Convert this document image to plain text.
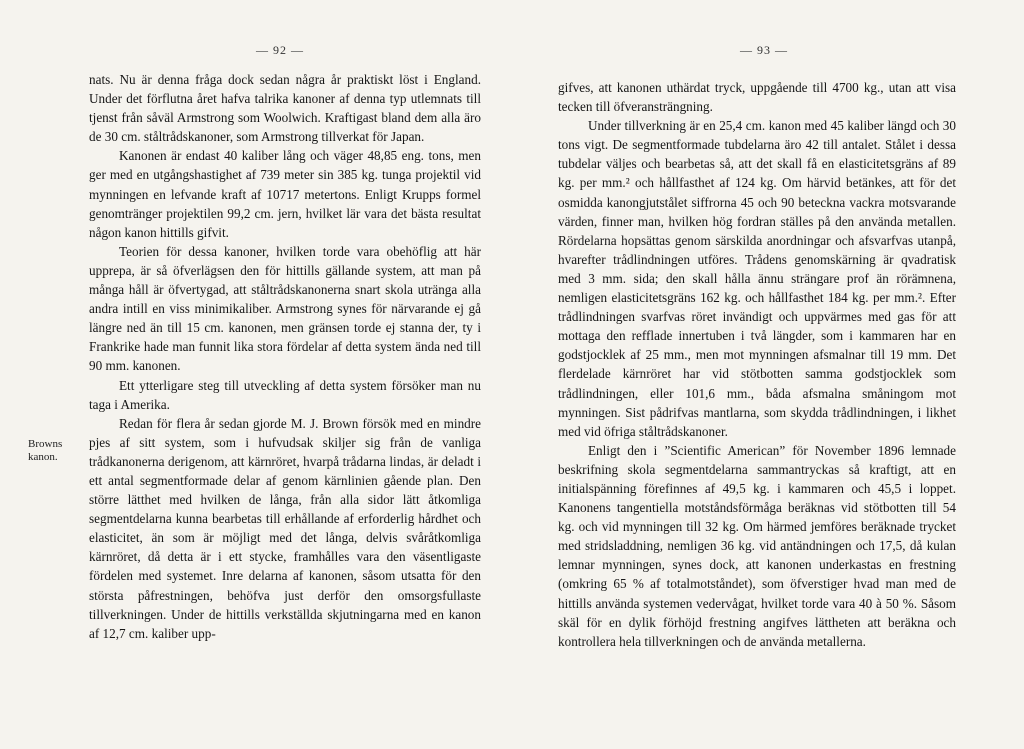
— 92 —
Browns kanon.

nats. Nu är denna fråga dock sedan några år praktiskt löst i England. Under det förflutna året hafva talrika kanoner af denna typ utlemnats till tjenst från såväl Armstrong som Woolwich. Kraftigast bland dem alla äro de 30 cm. ståltrådskanoner, som Armstrong tillverkat för Japan.

Kanonen är endast 40 kaliber lång och väger 48,85 eng. tons, men ger med en utgångshastighet af 739 meter sin 385 kg. tunga projektil vid mynningen en lefvande kraft af 10717 metertons. Enligt Krupps formel genomtränger projektilen 99,2 cm. jern, hvilket lär vara det bästa resultat någon kanon hittills gifvit.

Teorien för dessa kanoner, hvilken torde vara obehöflig att här upprepa, är så öfverlägsen den för hittills gällande system, att man på många håll är öfvertygad, att ståltrådskanonerna snart skola utränga alla andra intill en viss minimikaliber. Armstrong synes för närvarande ej gå längre ned än till 15 cm. kanonen, men gränsen torde ej stanna der, ty i Frankrike hade man funnit lika stora fördelar af detta system ända ned till 90 mm. kanonen.

Ett ytterligare steg till utveckling af detta system försöker man nu taga i Amerika.

Redan för flera år sedan gjorde M. J. Brown försök med en mindre pjes af sitt system, som i hufvudsak skiljer sig från de vanliga trådkanonerna derigenom, att kärnröret, hvarpå trådarna lindas, är deladt i ett antal segmentformade delar af genom kärnlinien gående plan. Den större lätthet med hvilken de långa, från alla sidor lätt åtkomliga segmentdelarna kunna bearbetas till erhållande af erforderlig hårdhet och elasticitet, än som är möjligt med det långa, delvis svåråtkomliga kärnröret, då detta är i ett stycke, framhålles vara den väsentligaste fördelen med systemet. Inre delarna af kanonen, såsom utsatta för den största påfrestningen, behöfva just derför den omsorgsfullaste tillverkningen. Under de hittills verkställda skjutningarna med en kanon af 12,7 cm. kaliber upp-

— 93 —

gifves, att kanonen uthärdat tryck, uppgående till 4700 kg., utan att visa tecken till öfveransträngning.

Under tillverkning är en 25,4 cm. kanon med 45 kaliber längd och 30 tons vigt. De segmentformade tubdelarna äro 42 till antalet. Stålet i dessa tubdelar väljes och bearbetas så, att det skall få en elasticitetsgräns af 89 kg. per mm.² och hållfasthet af 124 kg. Om härvid betänkes, att för det osmidda kanongjutstålet siffrorna 45 och 90 beteckna vackra motsvarande värden, finner man, hvilken hög fordran ställes på den använda metallen. Rördelarna hopsättas genom särskilda anordningar och afsvarfvas utanpå, hvarefter trådlindningen utföres. Trådens genomskärning är qvadratisk med 3 mm. sida; den skall hålla ännu strängare prof än rörämnena, nemligen elasticitetsgräns 162 kg. och hållfasthet 184 kg. per mm.². Efter trådlindningen svarfvas röret invändigt och uppvärmes med gas för att mottaga den refflade innertuben i två längder, som i kammaren har en godstjocklek af 25 mm., men mot mynningen afsmalnar till 19 mm. Det flerdelade kärnröret har vid stötbotten samma godstjocklek som trådlindningen, eller 101,6 mm., båda afsmalna småningom mot mynningen. Sist pådrifvas mantlarna, som skydda trådlindningen, i likhet med vid öfriga ståltrådskanoner.

Enligt den i ”Scientific American” för November 1896 lemnade beskrifning skola segmentdelarna sammantryckas så kraftigt, att en initialspänning förefinnes af 49,5 kg. i kammaren och 45,5 i loppet. Kanonens tangentiella motståndsförmåga beräknas vid stötbotten till 54 kg. och vid mynningen till 32 kg. Om härmed jemföres beräknade trycket med stridsladdning, nemligen 36 kg. vid antändningen och 17,5, då kulan lemnar mynningen, synes dock, att kanonen underkastas en frestning (omkring 65 % af totalmotståndet), som öfverstiger hvad man med de hittills använda systemen vedervågat, hvilket torde vara 40 à 50 %. Såsom skäl för en dylik förhöjd frestning angifves lättheten att beräkna och kontrollera hela tillverkningen och de använda metallerna.
